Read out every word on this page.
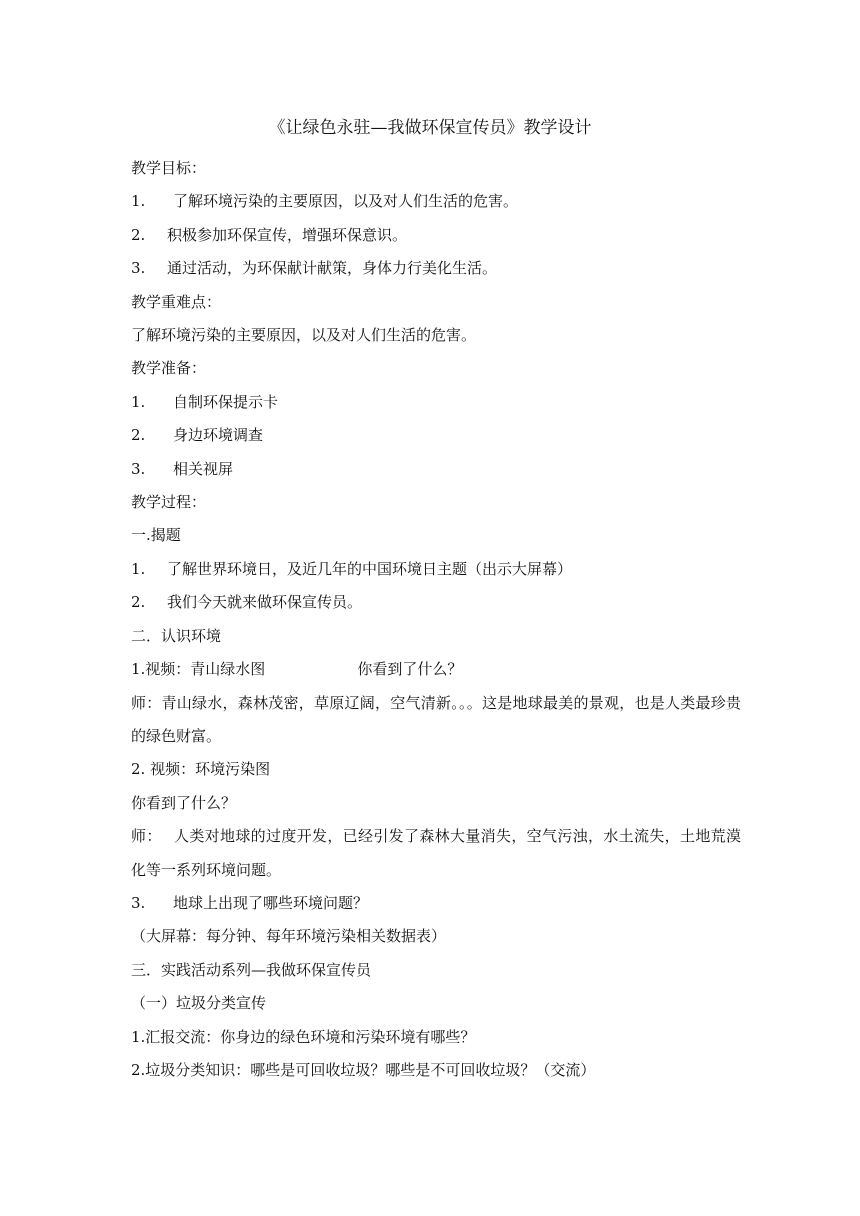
《让绿色永驻—我做环保宣传员》教学设计
教学目标：
1. 了解环境污染的主要原因，以及对人们生活的危害。
2. 积极参加环保宣传，增强环保意识。
3. 通过活动，为环保献计献策，身体力行美化生活。
教学重难点：
了解环境污染的主要原因，以及对人们生活的危害。
教学准备：
1. 自制环保提示卡
2. 身边环境调查
3. 相关视屏
教学过程：
一.揭题
1. 了解世界环境日，及近几年的中国环境日主题（出示大屏幕）
2. 我们今天就来做环保宣传员。
二．认识环境
1.视频：青山绿水图	你看到了什么？
师：青山绿水，森林茂密，草原辽阔，空气清新。。。这是地球最美的景观，也是人类最珍贵的绿色财富。
2. 视频：环境污染图
你看到了什么？
师： 人类对地球的过度开发，已经引发了森林大量消失，空气污浊，水土流失，土地荒漠化等一系列环境问题。
3. 地球上出现了哪些环境问题？
（大屏幕：每分钟、每年环境污染相关数据表）
三．实践活动系列—我做环保宣传员
（一）垃圾分类宣传
1.汇报交流：你身边的绿色环境和污染环境有哪些？
2.垃圾分类知识：哪些是可回收垃圾？哪些是不可回收垃圾？（交流）
